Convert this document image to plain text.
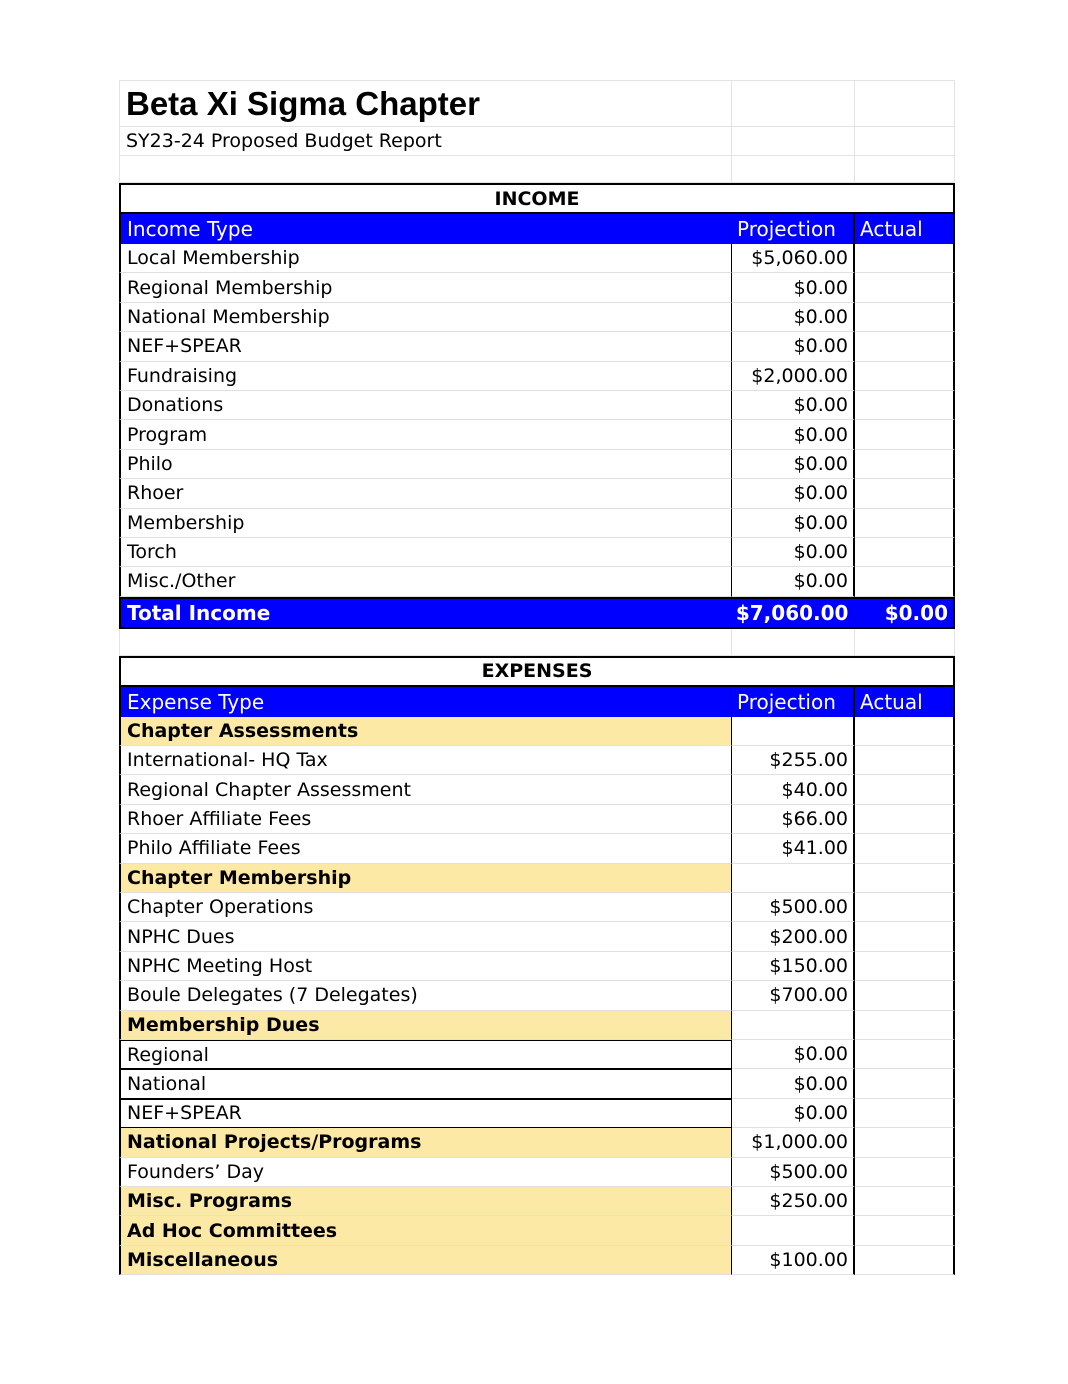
Beta Xi Sigma Chapter
SY23-24 Proposed Budget Report
INCOME
Income Type	Projection	Actual
Local Membership	$5,060.00
Regional Membership	$0.00
National Membership	$0.00
NEF+SPEAR	$0.00
Fundraising	$2,000.00
Donations	$0.00
Program	$0.00
Philo	$0.00
Rhoer	$0.00
Membership	$0.00
Torch	$0.00
Misc./Other	$0.00
Total Income	$7,060.00	$0.00
EXPENSES
Expense Type	Projection	Actual
Chapter Assessments
International- HQ Tax	$255.00
Regional Chapter Assessment	$40.00
Rhoer Affiliate Fees	$66.00
Philo Affiliate Fees	$41.00
Chapter Membership
Chapter Operations	$500.00
NPHC Dues	$200.00
NPHC Meeting Host	$150.00
Boule Delegates (7 Delegates)	$700.00
Membership Dues
Regional	$0.00
National	$0.00
NEF+SPEAR	$0.00
National Projects/Programs	$1,000.00
Founders’ Day	$500.00
Misc. Programs	$250.00
Ad Hoc Committees
Miscellaneous	$100.00
